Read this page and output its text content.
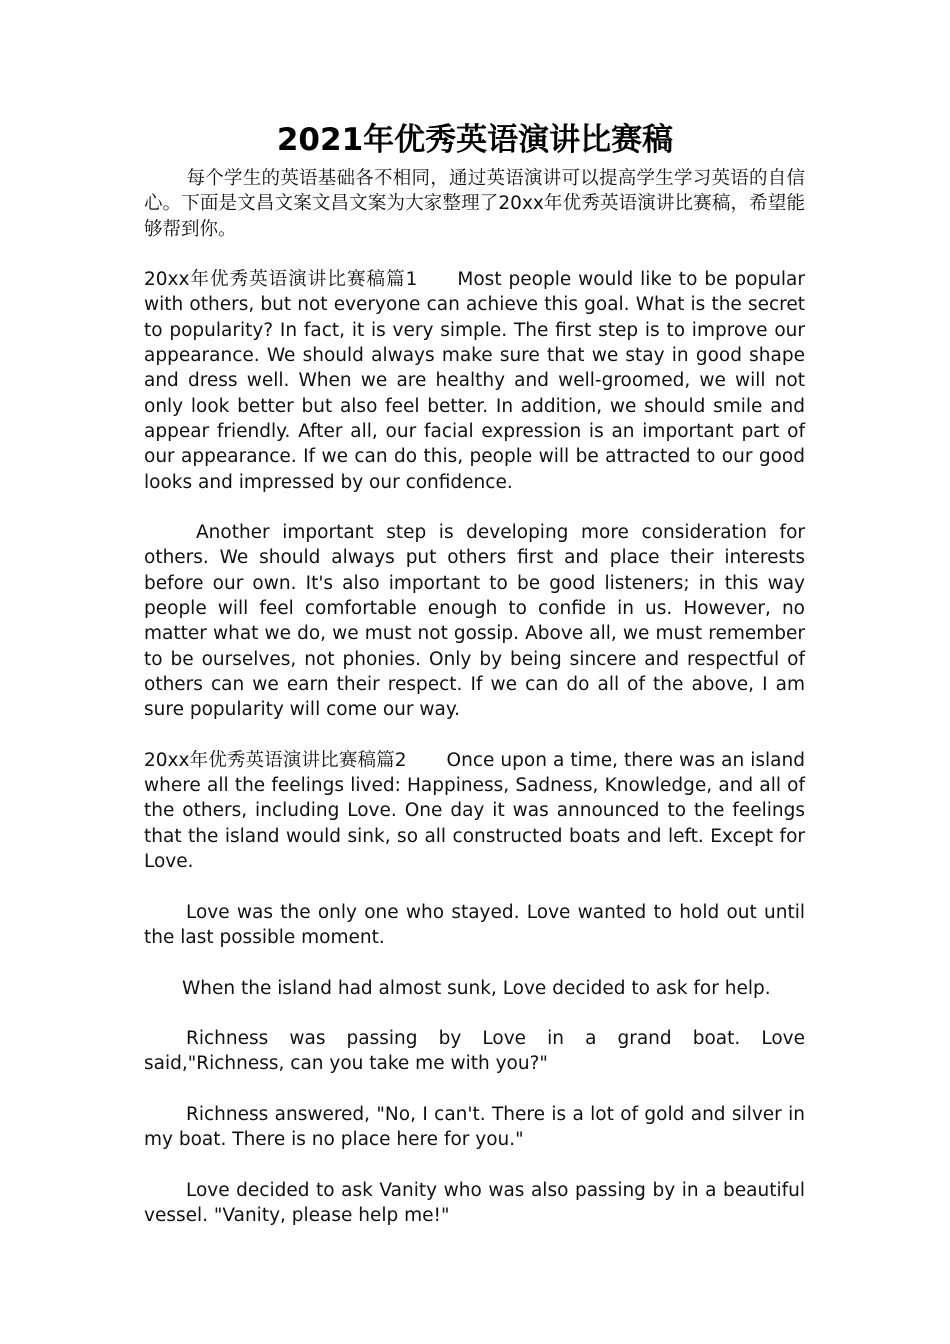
2021年优秀英语演讲比赛稿

每个学生的英语基础各不相同，通过英语演讲可以提高学生学习英语的自信心。下面是文昌文案文昌文案为大家整理了20xx年优秀英语演讲比赛稿，希望能够帮到你。

20xx年优秀英语演讲比赛稿篇1 Most people would like to be popular with others, but not everyone can achieve this goal. What is the secret to popularity? In fact, it is very simple. The first step is to improve our appearance. We should always make sure that we stay in good shape and dress well. When we are healthy and well-groomed, we will not only look better but also feel better. In addition, we should smile and appear friendly. After all, our facial expression is an important part of our appearance. If we can do this, people will be attracted to our good looks and impressed by our confidence.

Another important step is developing more consideration for others. We should always put others first and place their interests before our own. It's also important to be good listeners; in this way people will feel comfortable enough to confide in us. However, no matter what we do, we must not gossip. Above all, we must remember to be ourselves, not phonies. Only by being sincere and respectful of others can we earn their respect. If we can do all of the above, I am sure popularity will come our way.

20xx年优秀英语演讲比赛稿篇2 Once upon a time, there was an island where all the feelings lived: Happiness, Sadness, Knowledge, and all of the others, including Love. One day it was announced to the feelings that the island would sink, so all constructed boats and left. Except for Love.

Love was the only one who stayed. Love wanted to hold out until the last possible moment.

When the island had almost sunk, Love decided to ask for help.

Richness was passing by Love in a grand boat. Love said,"Richness, can you take me with you?"

Richness answered, "No, I can't. There is a lot of gold and silver in my boat. There is no place here for you."

Love decided to ask Vanity who was also passing by in a beautiful vessel. "Vanity, please help me!"
